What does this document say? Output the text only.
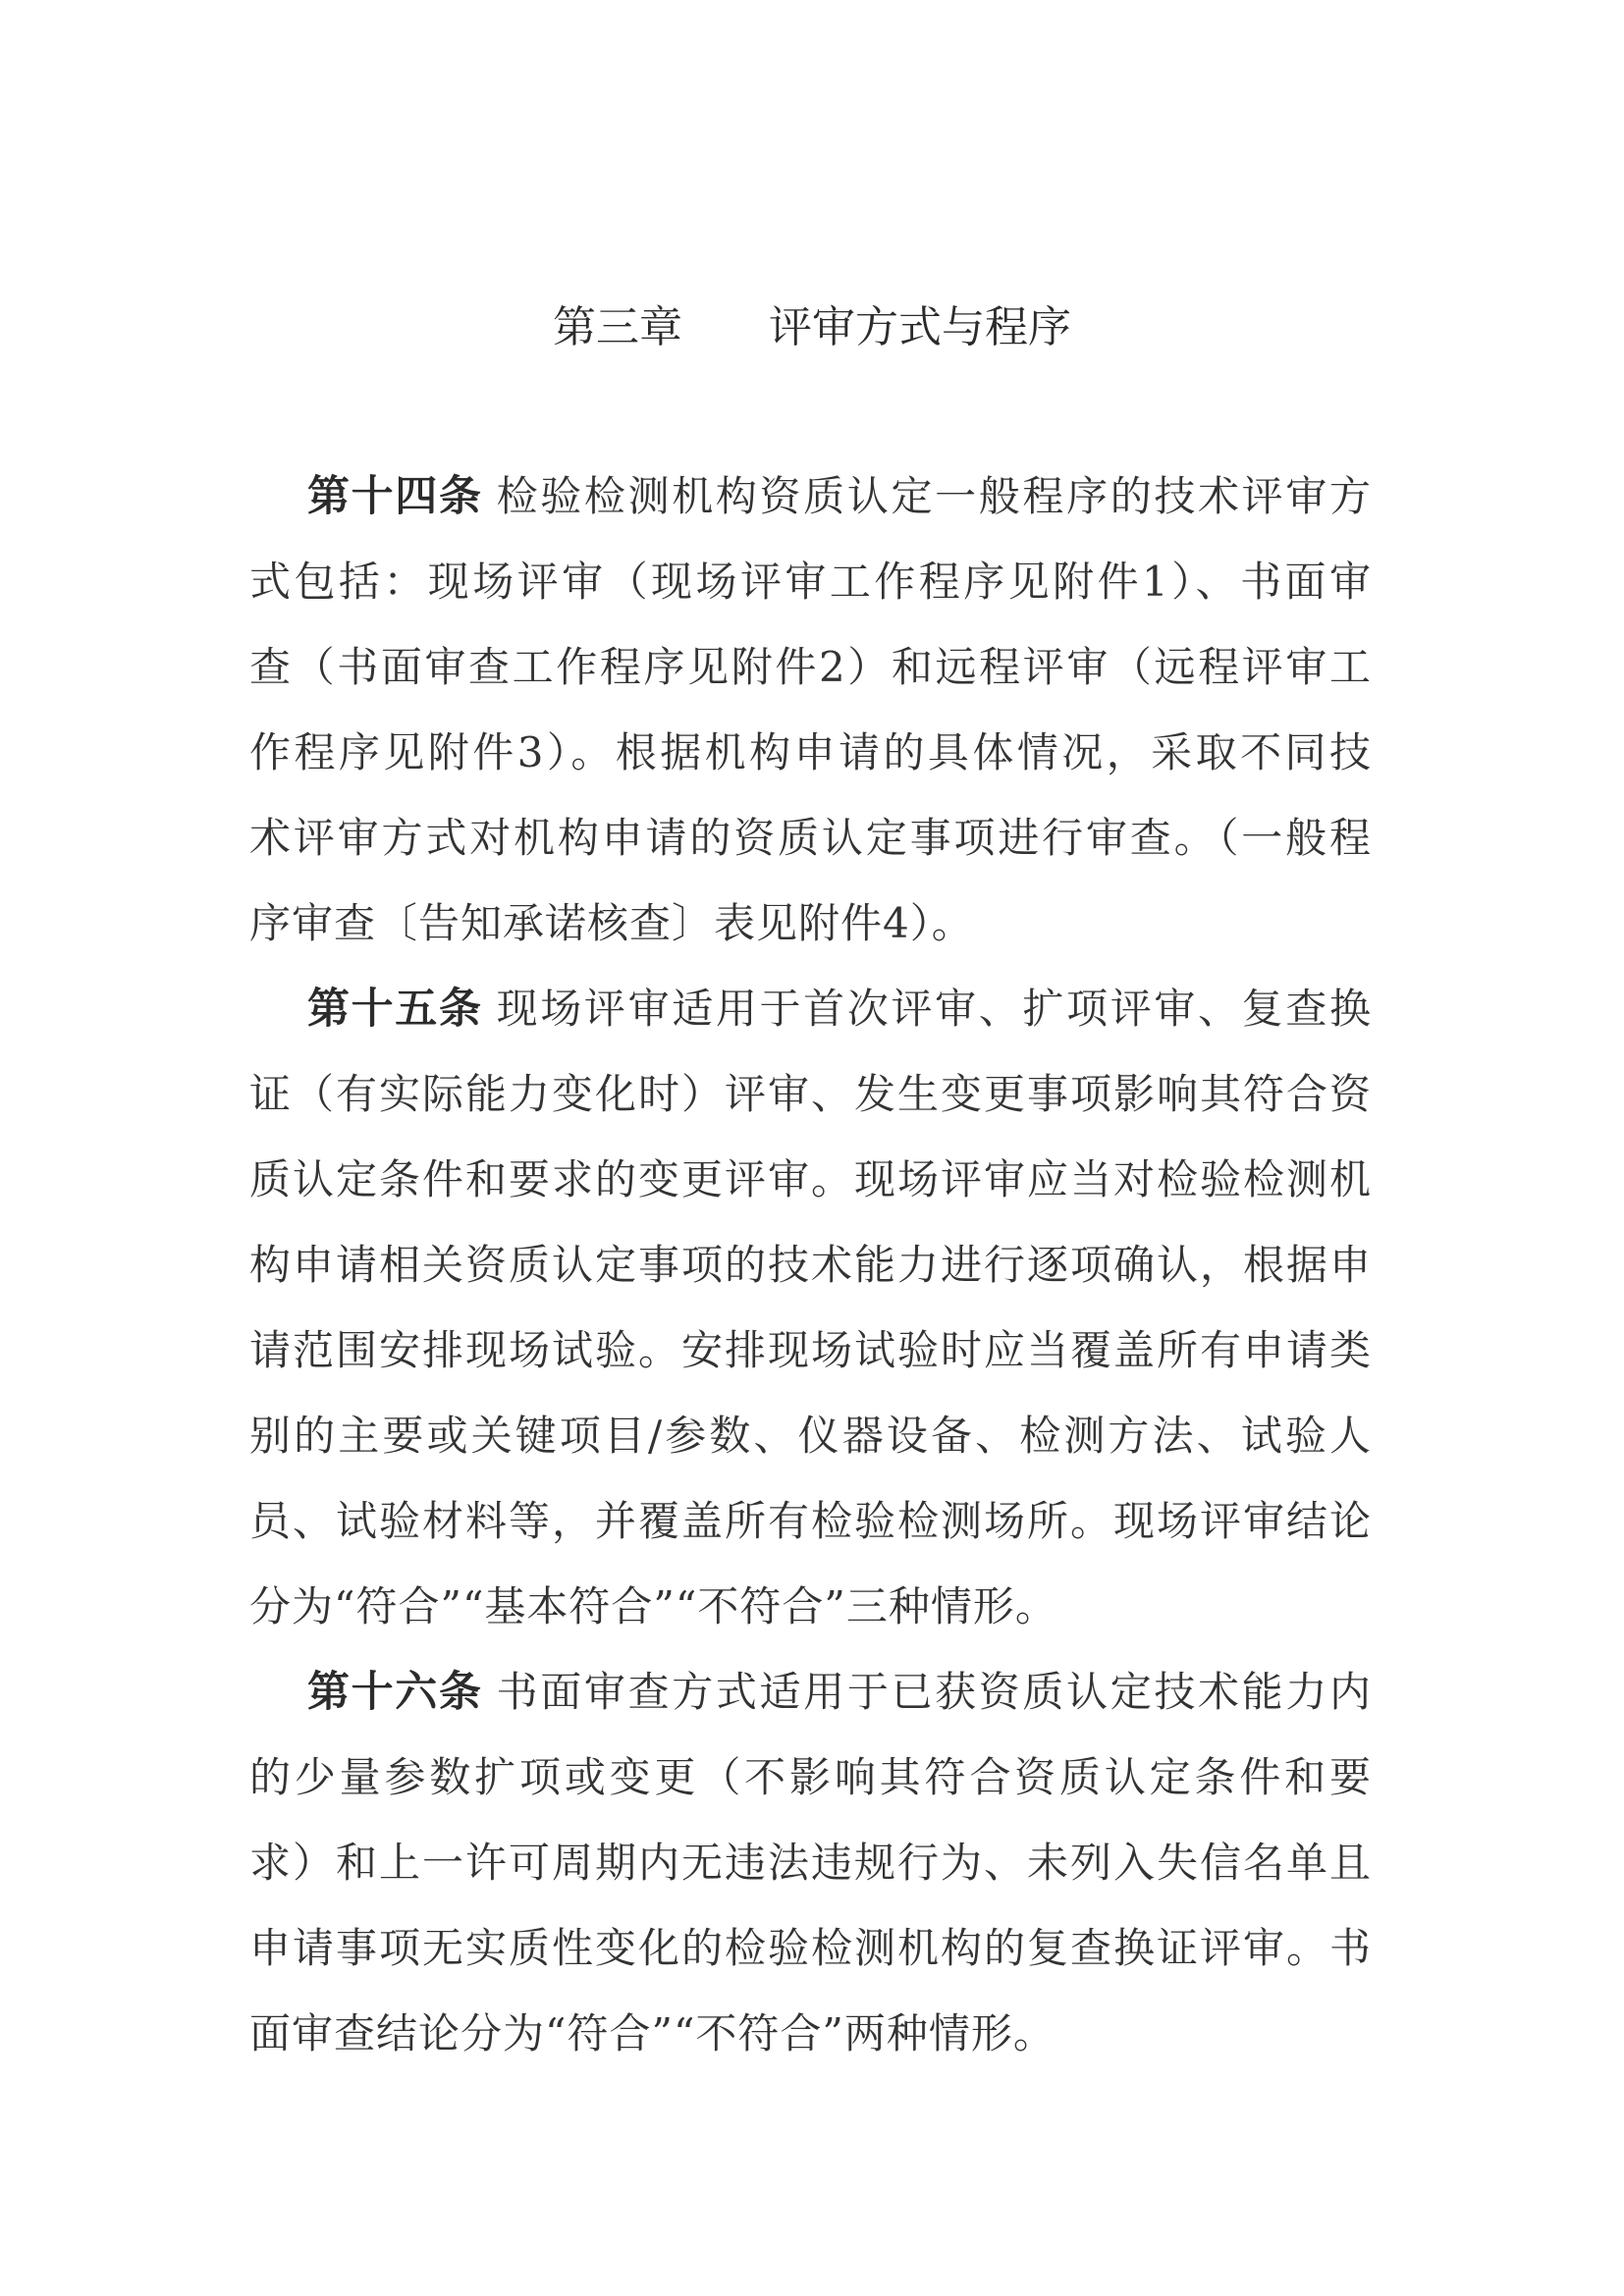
第三章　　评审方式与程序
第十四条 检验检测机构资质认定一般程序的技术评审方
式包括：现场评审（现场评审工作程序见附件1）、书面审
查（书面审查工作程序见附件2）和远程评审（远程评审工
作程序见附件3）。根据机构申请的具体情况，采取不同技
术评审方式对机构申请的资质认定事项进行审查。（一般程
序审查〔告知承诺核查〕表见附件4）。
第十五条 现场评审适用于首次评审、扩项评审、复查换
证（有实际能力变化时）评审、发生变更事项影响其符合资
质认定条件和要求的变更评审。现场评审应当对检验检测机
构申请相关资质认定事项的技术能力进行逐项确认，根据申
请范围安排现场试验。安排现场试验时应当覆盖所有申请类
别的主要或关键项目/参数、仪器设备、检测方法、试验人
员、试验材料等，并覆盖所有检验检测场所。现场评审结论
分为“符合”“基本符合”“不符合”三种情形。
第十六条 书面审查方式适用于已获资质认定技术能力内
的少量参数扩项或变更（不影响其符合资质认定条件和要
求）和上一许可周期内无违法违规行为、未列入失信名单且
申请事项无实质性变化的检验检测机构的复查换证评审。书
面审查结论分为“符合”“不符合”两种情形。
